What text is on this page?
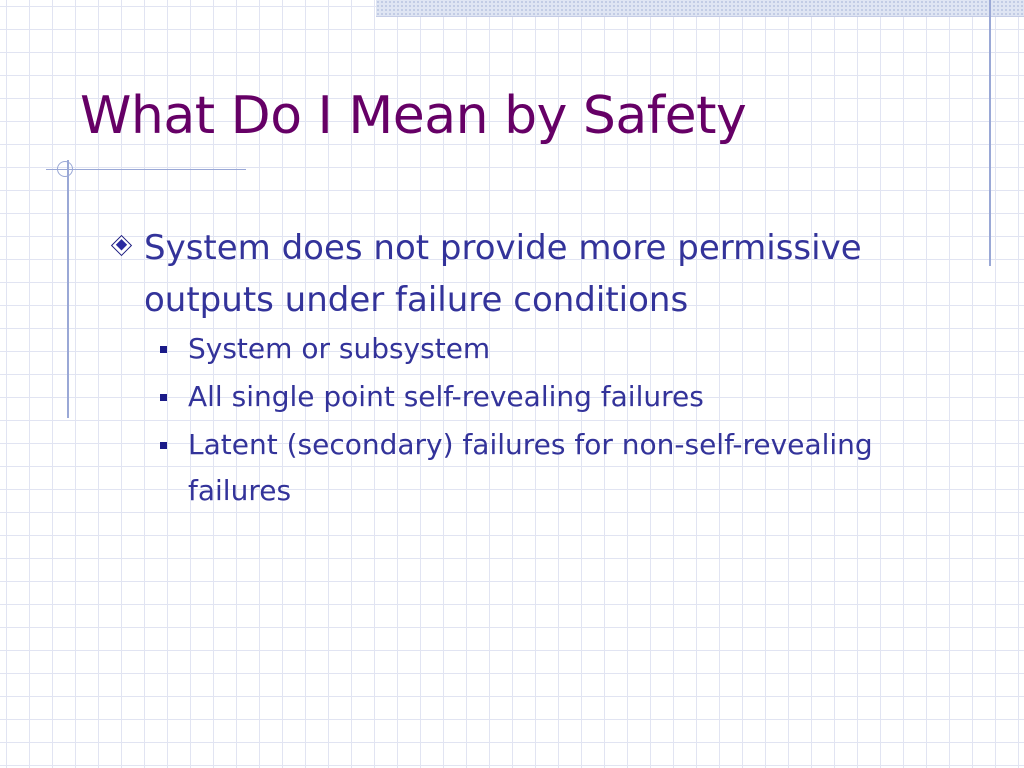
What Do I Mean by Safety
System does not provide more permissive outputs under failure conditions
System or subsystem
All single point self-revealing failures
Latent (secondary) failures for non-self-revealing failures
